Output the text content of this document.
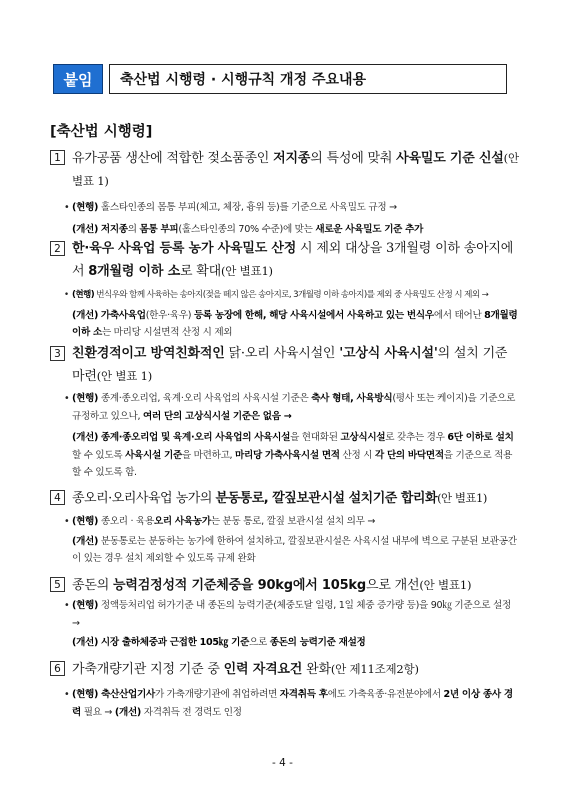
붙임	축산법 시행령 · 시행규칙 개정 주요내용
[축산법 시행령]
1 유가공품 생산에 적합한 젖소품종인 저지종의 특성에 맞춰 사육밀도 기준 신설(안 별표 1)
• (현행) 홀스타인종의 몸통 부피(체고, 체장, 흉위 등)를 기준으로 사육밀도 규정 →
(개선) 저지종의 몸통 부피(홀스타인종의 70% 수준)에 맞는 새로운 사육밀도 기준 추가
2 한·육우 사육업 등록 농가 사육밀도 산정 시 제외 대상을 3개월령 이하 송아지에서 8개월령 이하 소로 확대(안 별표1)
• (현행) 번식우와 함께 사육하는 송아지(젖을 떼지 않은 송아지로, 3개월령 이하 송아지)를 제외 중 사육밀도 산정 시 제외 →
(개선) 가축사육업(한우·육우) 등록 농장에 한해, 해당 사육시설에서 사육하고 있는 번식우에서 태어난 8개월령 이하 소는 마리당 시설면적 산정 시 제외
3 친환경적이고 방역친화적인 닭·오리 사육시설인 '고상식 사육시설'의 설치 기준 마련(안 별표 1)
• (현행) 종계·종오리업, 육계·오리 사육업의 사육시설 기준은 축사 형태, 사육방식(평사 또는 케이지)을 기준으로 규정하고 있으나, 여러 단의 고상식시설 기준은 없음 →
(개선) 종계·종오리업 및 육계·오리 사육업의 사육시설을 현대화된 고상식시설로 갖추는 경우 6단 이하로 설치할 수 있도록 사육시설 기준을 마련하고, 마리당 가축사육시설 면적 산정 시 각 단의 바닥면적을 기준으로 적용할 수 있도록 함.
4 종오리·오리사육업 농가의 분동통로, 깔짚보관시설 설치기준 합리화(안 별표1)
• (현행) 종오리 · 육용오리 사육농가는 분동 통로, 깔짚 보관시설 설치 의무 →
(개선) 분동통로는 분동하는 농가에 한하여 설치하고, 깔짚보관시설은 사육시설 내부에 벽으로 구분된 보관공간이 있는 경우 설치 제외할 수 있도록 규제 완화
5 종돈의 능력검정성적 기준체중을 90kg에서 105kg으로 개선(안 별표1)
• (현행) 정액등처리업 허가기준 내 종돈의 능력기준(체중도달 일령, 1일 체중 증가량 등)을 90㎏ 기준으로 설정 →
(개선) 시장 출하체중과 근접한 105㎏ 기준으로 종돈의 능력기준 재설정
6 가축개량기관 지정 기준 중 인력 자격요건 완화(안 제11조제2항)
• (현행) 축산산업기사가 가축개량기관에 취업하려면 자격취득 후에도 가축육종·유전분야에서 2년 이상 종사 경력 필요 → (개선) 자격취득 전 경력도 인정
- 4 -
